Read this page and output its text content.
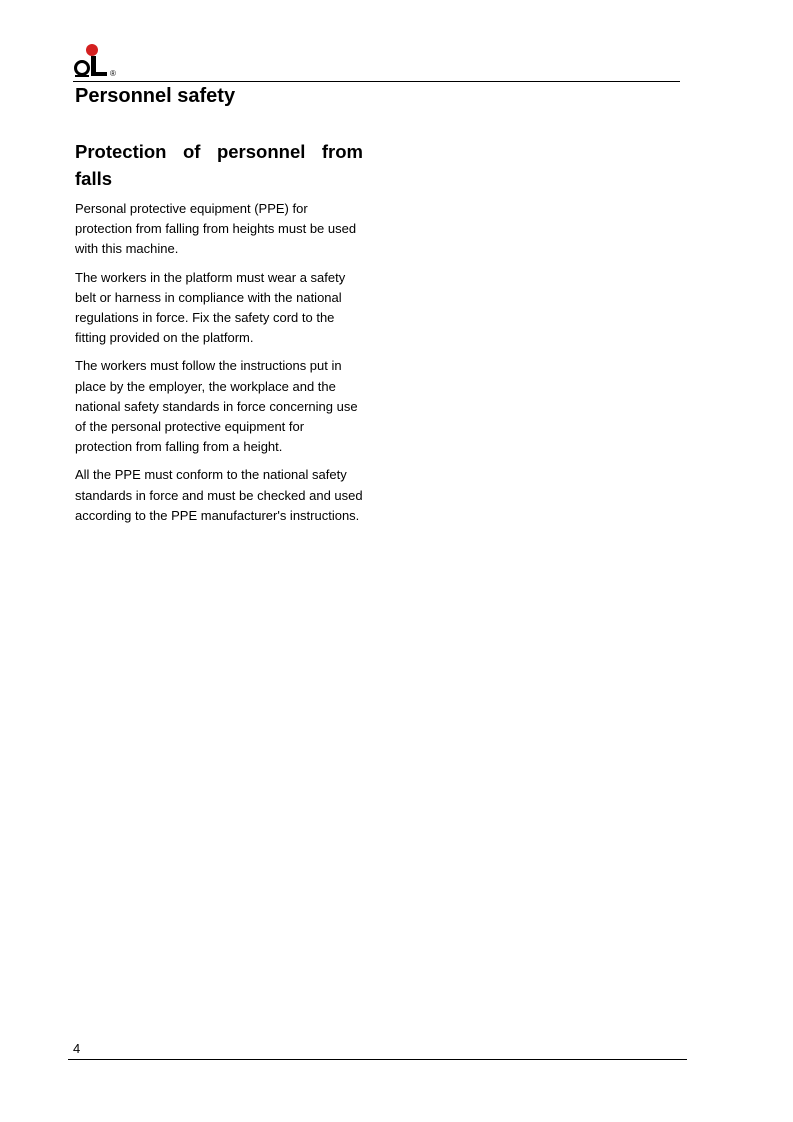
®
Personnel safety
Protection of personnel from falls

Personal protective equipment (PPE) for protection from falling from heights must be used with this machine.

The workers in the platform must wear a safety belt or harness in compliance with the national regulations in force. Fix the safety cord to the fitting provided on the platform.

The workers must follow the instructions put in place by the employer, the workplace and the national safety standards in force concerning use of the personal protective equipment for protection from falling from a height.

All the PPE must conform to the national safety standards in force and must be checked and used according to the PPE manufacturer's instructions.

4
